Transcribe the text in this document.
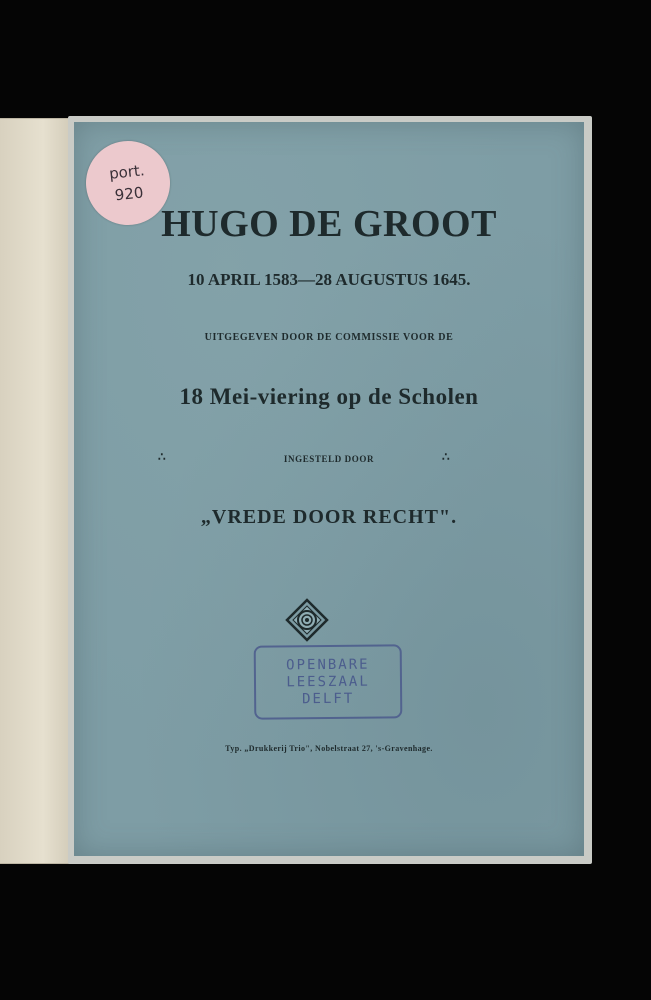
HUGO DE GROOT
10 APRIL 1583—28 AUGUSTUS 1645.
UITGEGEVEN DOOR DE COMMISSIE VOOR DE
18 Mei-viering op de Scholen
∴	INGESTELD DOOR	∴
„VREDE DOOR RECHT".
OPENBARE
LEESZAAL
DELFT
Typ. „Drukkerij Trio", Nobelstraat 27, 's-Gravenhage.
port.
920
